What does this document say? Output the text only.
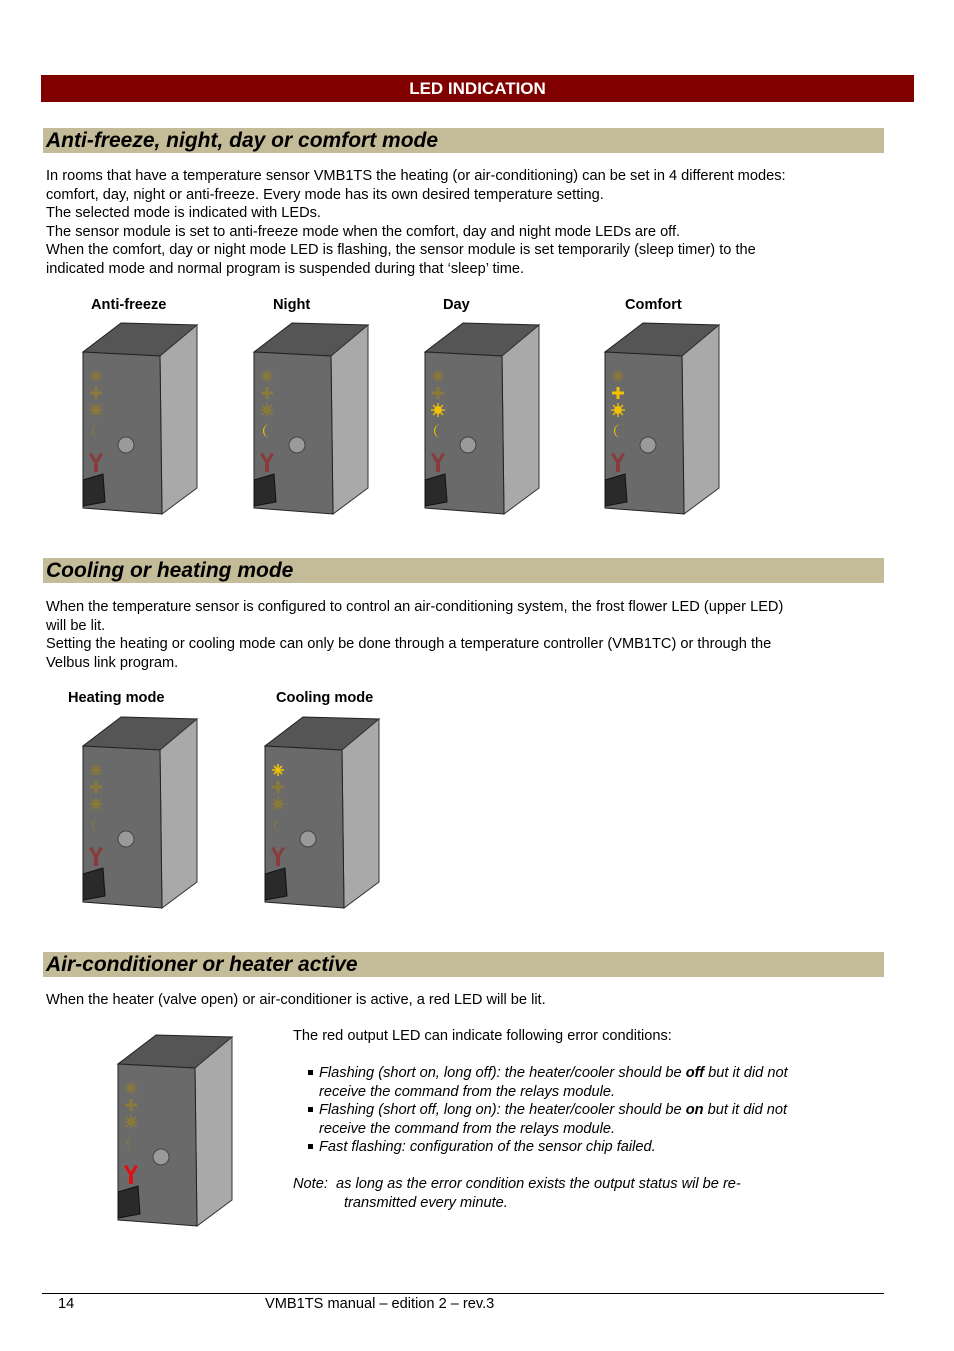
LED INDICATION
Anti-freeze, night, day or comfort mode
In rooms that have a temperature sensor VMB1TS the heating (or air-conditioning) can be set in 4 different modes:
comfort, day, night or anti-freeze. Every mode has its own desired temperature setting.
The selected mode is indicated with LEDs.
The sensor module is set to anti-freeze mode when the comfort, day and night mode LEDs are off.
When the comfort, day or night mode LED is flashing, the sensor module is set temporarily (sleep timer) to the
indicated mode and normal program is suspended during that ‘sleep’ time.
Anti-freeze	Night	Day	Comfort
Cooling or heating mode
When the temperature sensor is configured to control an air-conditioning system, the frost flower LED (upper LED)
will be lit.
Setting the heating or cooling mode can only be done through a temperature controller (VMB1TC) or through the
Velbus link program.
Heating mode	Cooling mode
Air-conditioner or heater active
When the heater (valve open) or air-conditioner is active, a red LED will be lit.
The red output LED can indicate following error conditions:
Flashing (short on, long off): the heater/cooler should be off but it did not
receive the command from the relays module.
Flashing (short off, long on): the heater/cooler should be on but it did not
receive the command from the relays module.
Fast flashing: configuration of the sensor chip failed.
Note: as long as the error condition exists the output status wil be re-
transmitted every minute.
14	VMB1TS manual – edition 2 – rev.3
